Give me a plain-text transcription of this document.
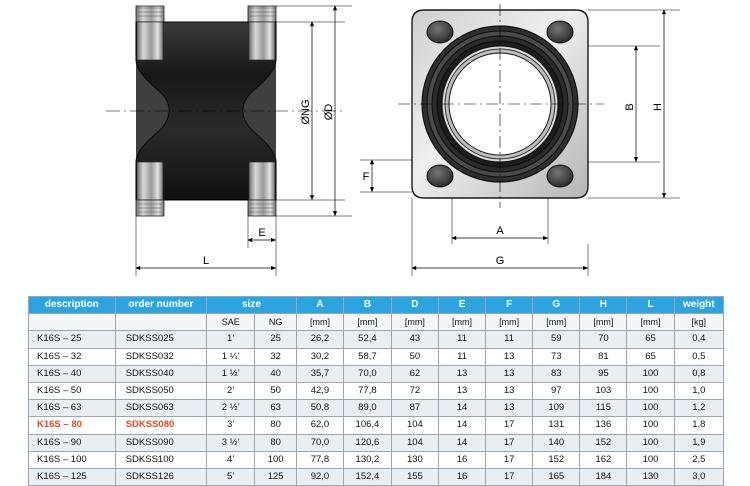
ØNG ØD
E
L
F
B H
A
G
description	order number	size		A	B	D	E	F	G	H	L	weight
		SAE	NG	[mm]	[mm]	[mm]	[mm]	[mm]	[mm]	[mm]	[mm]	[kg]
K16S – 25	SDKSS025	1’	25	26,2	52,4	43	11	11	59	70	65	0,4
K16S – 32	SDKSS032	1 ¼’	32	30,2	58,7	50	11	13	73	81	65	0,5
K16S – 40	SDKSS040	1 ½’	40	35,7	70,0	62	13	13	83	95	100	0,8
K16S – 50	SDKSS050	2’	50	42,9	77,8	72	13	13	97	103	100	1,0
K16S – 63	SDKSS063	2 ½’	63	50,8	89,0	87	14	13	109	115	100	1,2
K16S – 80	SDKSS080	3’	80	62,0	106,4	104	14	17	131	136	100	1,8
K16S – 90	SDKSS090	3 ½’	80	70,0	120,6	104	14	17	140	152	100	1,9
K16S – 100	SDKSS100	4’	100	77,8	130,2	130	16	17	152	162	100	2,5
K16S – 125	SDKSS126	5’	125	92,0	152,4	155	16	17	165	184	130	3,0
